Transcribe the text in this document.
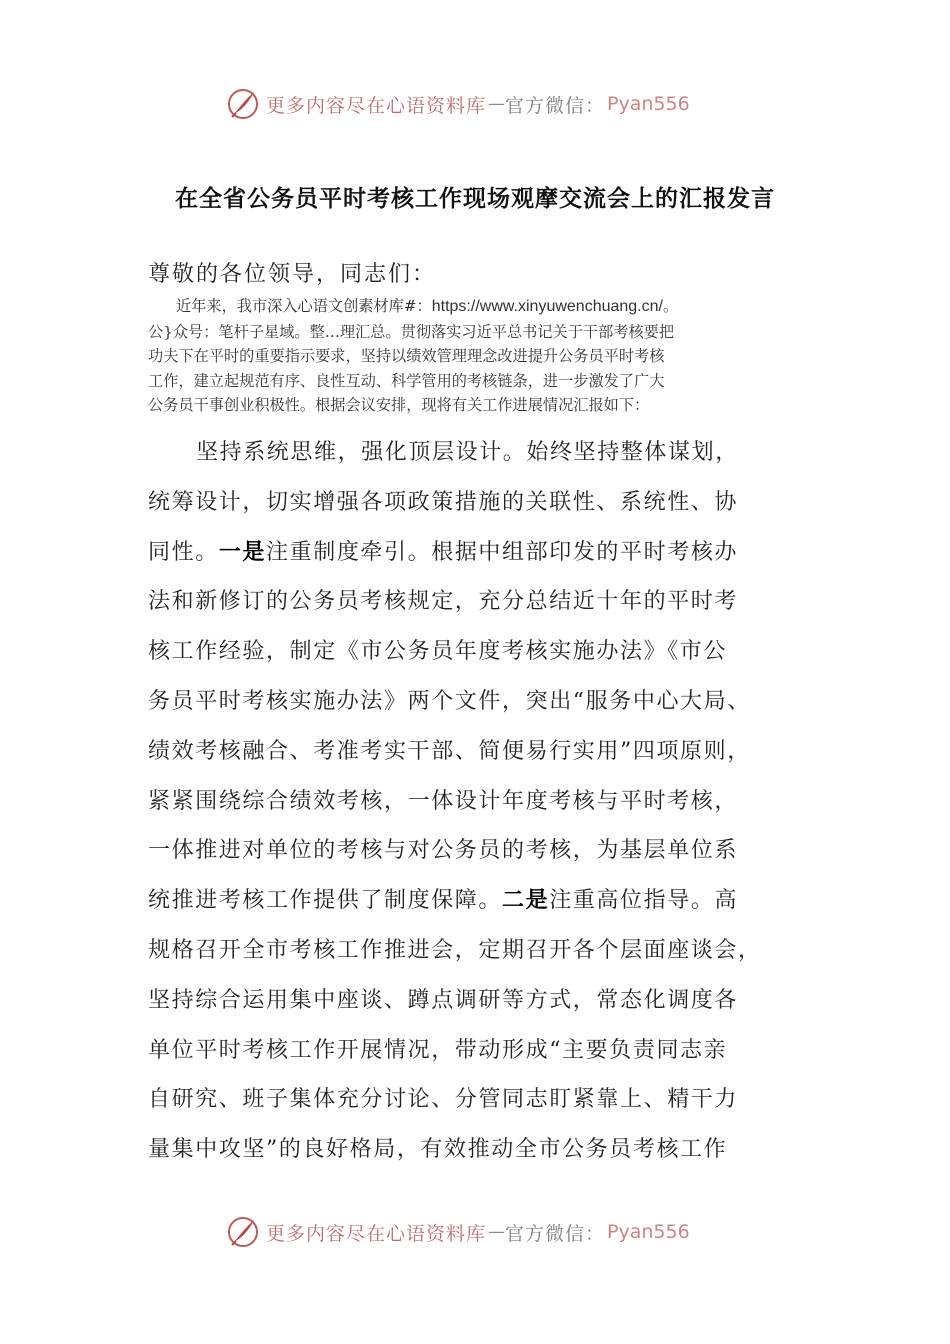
更多内容尽在心语资料库 — 官方微信： Pyan556
在全省公务员平时考核工作现场观摩交流会上的汇报发言
尊敬的各位领导，同志们：
近年来，我市深入心语文创素材库#：https://www.xinyuwenchuang.cn/。
公}众号：笔杆子星域。整…理汇总。贯彻落实习近平总书记关于干部考核要把
功夫下在平时的重要指示要求，坚持以绩效管理理念改进提升公务员平时考核
工作，建立起规范有序、良性互动、科学管用的考核链条，进一步激发了广大
公务员干事创业积极性。根据会议安排，现将有关工作进展情况汇报如下：
坚持系统思维，强化顶层设计。始终坚持整体谋划，
统筹设计，切实增强各项政策措施的关联性、系统性、协
同性。一是注重制度牵引。根据中组部印发的平时考核办
法和新修订的公务员考核规定，充分总结近十年的平时考
核工作经验，制定《市公务员年度考核实施办法》《市公
务员平时考核实施办法》两个文件，突出“服务中心大局、
绩效考核融合、考准考实干部、简便易行实用”四项原则，
紧紧围绕综合绩效考核，一体设计年度考核与平时考核，
一体推进对单位的考核与对公务员的考核，为基层单位系
统推进考核工作提供了制度保障。二是注重高位指导。高
规格召开全市考核工作推进会，定期召开各个层面座谈会，
坚持综合运用集中座谈、蹲点调研等方式，常态化调度各
单位平时考核工作开展情况，带动形成“主要负责同志亲
自研究、班子集体充分讨论、分管同志盯紧靠上、精干力
量集中攻坚”的良好格局，有效推动全市公务员考核工作
更多内容尽在心语资料库 — 官方微信： Pyan556
